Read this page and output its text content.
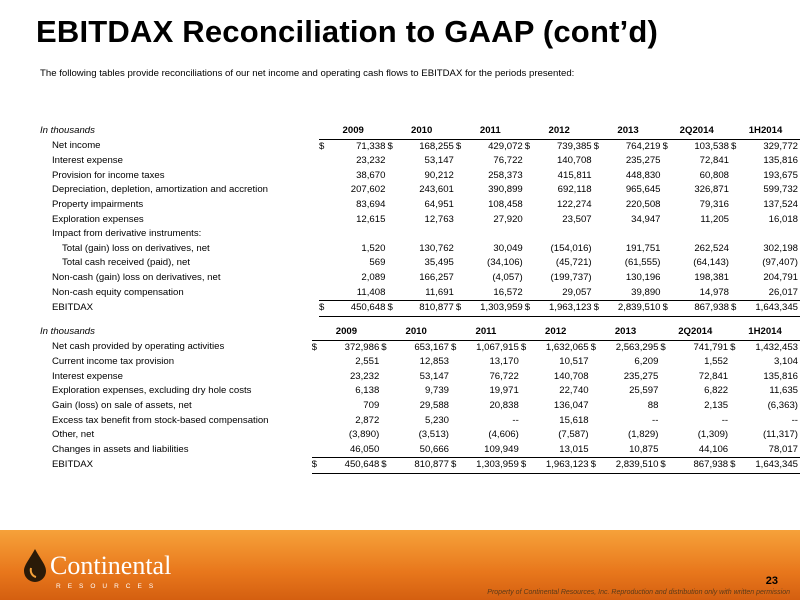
EBITDAX Reconciliation to GAAP (cont’d)
The following tables provide reconciliations of our net income and operating cash flows to EBITDAX for the periods presented:
In thousands	2009		2010		2011		2012		2013		2Q2014		1H2014	
Net income	$	71,338	$	168,255	$	429,072	$	739,385	$	764,219	$	103,538	$	329,772
Interest expense		23,232		53,147		76,722		140,708		235,275		72,841		135,816
Provision for income taxes		38,670		90,212		258,373		415,811		448,830		60,808		193,675
Depreciation, depletion, amortization and accretion		207,602		243,601		390,899		692,118		965,645		326,871		599,732
Property impairments		83,694		64,951		108,458		122,274		220,508		79,316		137,524
Exploration expenses		12,615		12,763		27,920		23,507		34,947		11,205		16,018
Impact from derivative instruments:														
Total (gain) loss on derivatives, net		1,520		130,762		30,049		(154,016)		191,751		262,524		302,198
Total cash received (paid), net		569		35,495		(34,106)		(45,721)		(61,555)		(64,143)		(97,407)
Non-cash (gain) loss on derivatives, net		2,089		166,257		(4,057)		(199,737)		130,196		198,381		204,791
Non-cash equity compensation		11,408		11,691		16,572		29,057		39,890		14,978		26,017
EBITDAX	$	450,648	$	810,877	$	1,303,959	$	1,963,123	$	2,839,510	$	867,938	$	1,643,345
In thousands	2009		2010		2011		2012		2013		2Q2014		1H2014	
Net cash provided by operating activities	$	372,986	$	653,167	$	1,067,915	$	1,632,065	$	2,563,295	$	741,791	$	1,432,453
Current income tax provision		2,551		12,853		13,170		10,517		6,209		1,552		3,104
Interest expense		23,232		53,147		76,722		140,708		235,275		72,841		135,816
Exploration expenses, excluding dry hole costs		6,138		9,739		19,971		22,740		25,597		6,822		11,635
Gain (loss) on sale of assets, net		709		29,588		20,838		136,047		88		2,135		(6,363)
Excess tax benefit from stock-based compensation		2,872		5,230		--		15,618		--		--		--
Other, net		(3,890)		(3,513)		(4,606)		(7,587)		(1,829)		(1,309)		(11,317)
Changes in assets and liabilities		46,050		50,666		109,949		13,015		10,875		44,106		78,017
EBITDAX	$	450,648	$	810,877	$	1,303,959	$	1,963,123	$	2,839,510	$	867,938	$	1,643,345
Continental
RESOURCES	23
Property of Continental Resources, Inc. Reproduction and distribution only with written permission
